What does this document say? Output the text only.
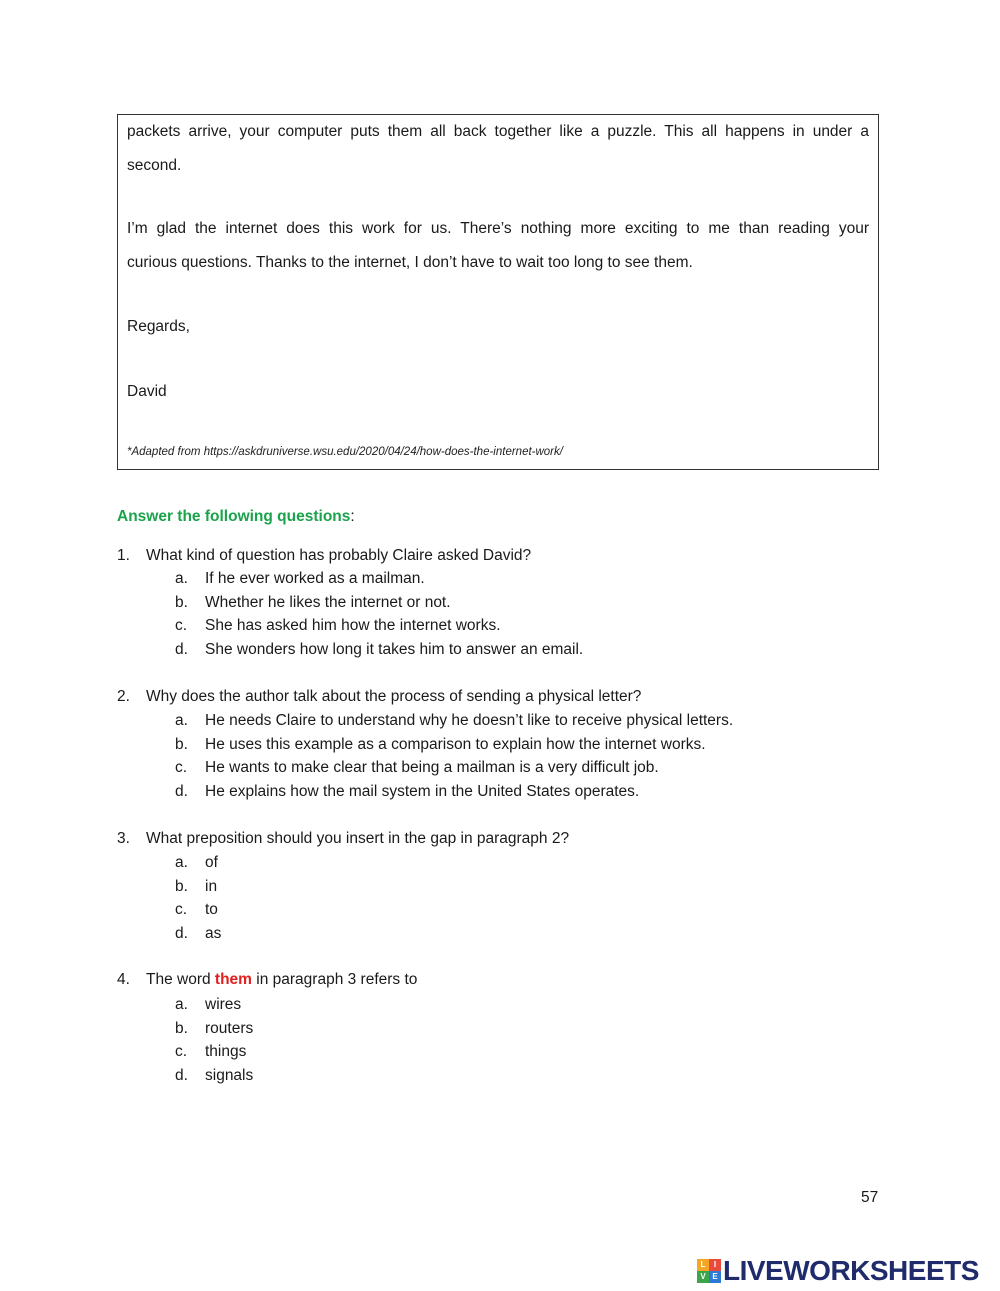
packets arrive, your computer puts them all back together like a puzzle. This all happens in under a
second.

I’m glad the internet does this work for us. There’s nothing more exciting to me than reading your
curious questions. Thanks to the internet, I don’t have to wait too long to see them.

Regards,

David

*Adapted from https://askdruniverse.wsu.edu/2020/04/24/how-does-the-internet-work/

Answer the following questions:

1. What kind of question has probably Claire asked David?

a. If he ever worked as a mailman.
b. Whether he likes the internet or not.
c. She has asked him how the internet works.
d. She wonders how long it takes him to answer an email.

2. Why does the author talk about the process of sending a physical letter?

a. He needs Claire to understand why he doesn’t like to receive physical letters.
b. He uses this example as a comparison to explain how the internet works.
c. He wants to make clear that being a mailman is a very difficult job.
d. He explains how the mail system in the United States operates.

3. What preposition should you insert in the gap in paragraph 2?

a. of
b. in
c. to
d. as

4. The word them in paragraph 3 refers to

a. wires
b. routers
c. things
d. signals
57
L	I
V E LIVEWORKSHEETS
